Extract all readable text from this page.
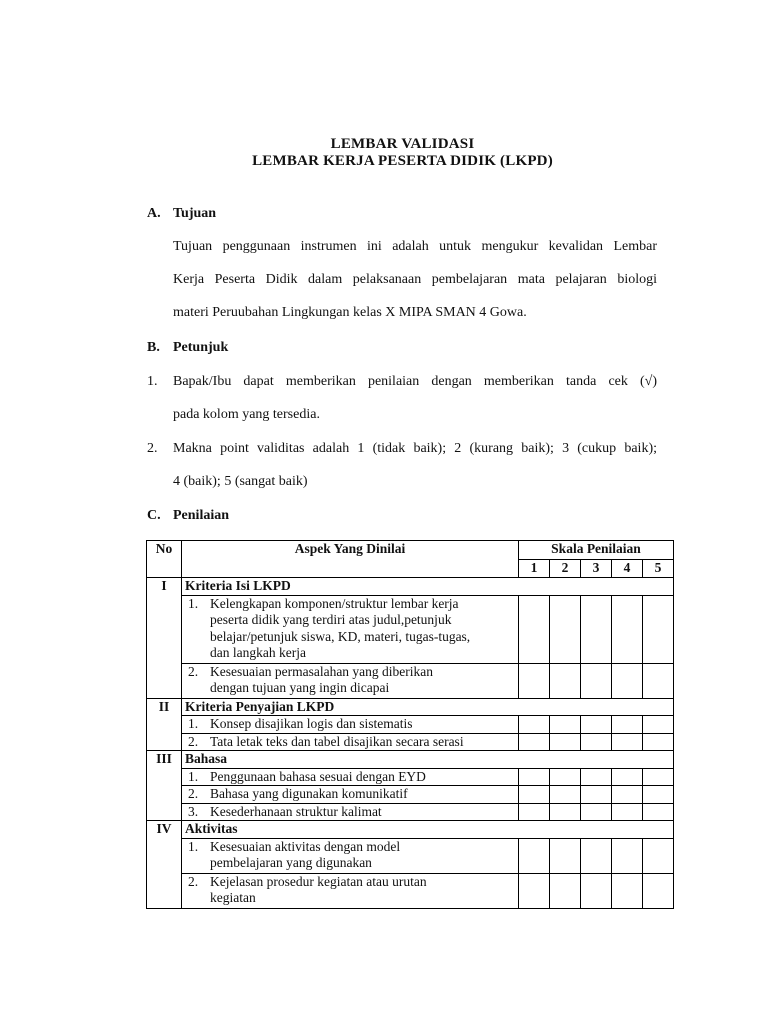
LEMBAR VALIDASI
LEMBAR KERJA PESERTA DIDIK (LKPD)
A. Tujuan
Tujuan penggunaan instrumen ini adalah untuk mengukur kevalidan Lembar
Kerja Peserta Didik dalam pelaksanaan pembelajaran mata pelajaran biologi
materi Peruubahan Lingkungan kelas X MIPA SMAN 4 Gowa.
B. Petunjuk
1. Bapak/Ibu dapat memberikan penilaian dengan memberikan tanda cek (√)
pada kolom yang tersedia.
2. Makna point validitas adalah 1 (tidak baik); 2 (kurang baik); 3 (cukup baik);
4 (baik); 5 (sangat baik)
C. Penilaian
No	Aspek Yang Dinilai	Skala Penilaian				
		1	2	3	4	5
I	Kriteria Isi LKPD					

	1. Kelengkapan komponen/struktur lembar kerja
peserta didik yang terdiri atas judul,petunjuk
belajar/petunjuk siswa, KD, materi, tugas-tugas,
dan langkah kerja					

	2. Kesesuaian permasalahan yang diberikan
dengan tujuan yang ingin dicapai					

II	Kriteria Penyajian LKPD					

	1. Konsep disajikan logis dan sistematis					

	2. Tata letak teks dan tabel disajikan secara serasi					

III	Bahasa					

	1. Penggunaan bahasa sesuai dengan EYD					

	2. Bahasa yang digunakan komunikatif					

	3. Kesederhanaan struktur kalimat					

IV	Aktivitas					

	1. Kesesuaian aktivitas dengan model
pembelajaran yang digunakan					

	2. Kejelasan prosedur kegiatan atau urutan
kegiatan					
